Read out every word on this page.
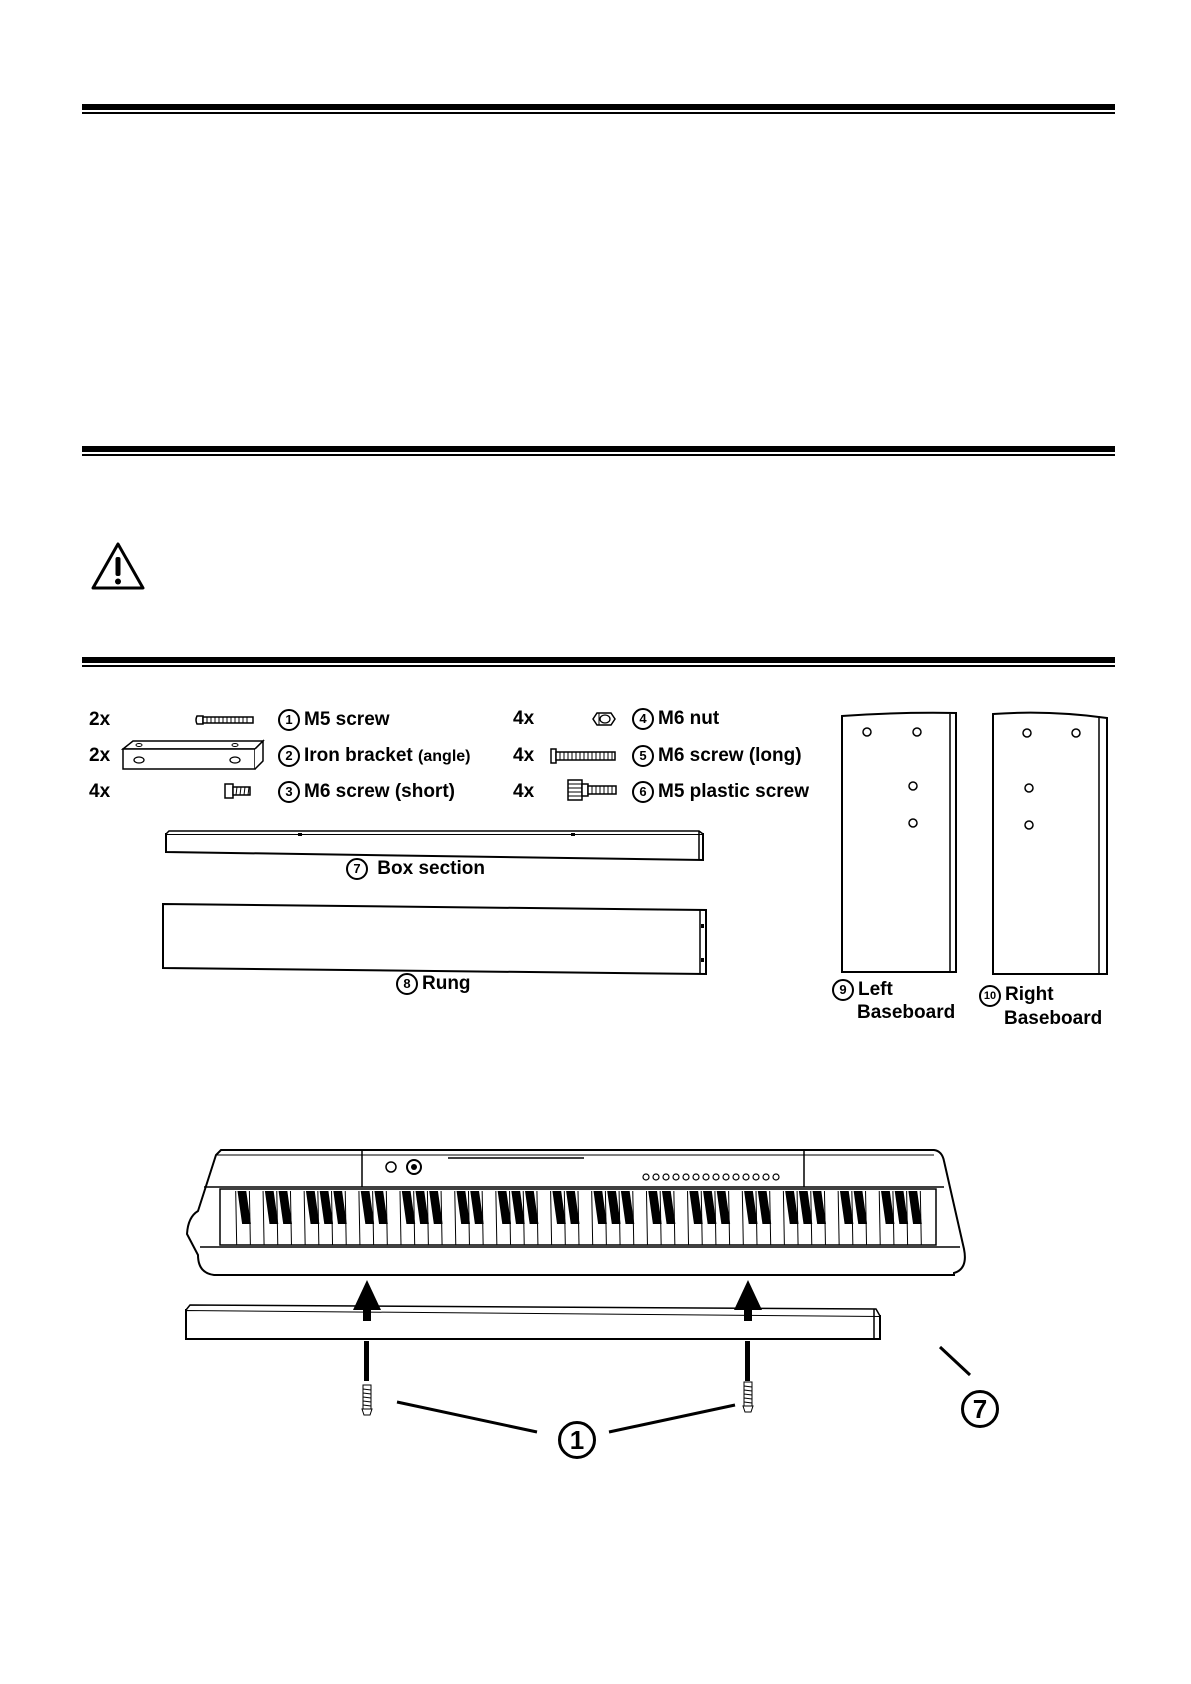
2x
2x
4x
1 M5 screw
2 Iron bracket (angle)
3 M6 screw (short)
4x
4x
4x
4 M6 nut
5 M6 screw (long)
6 M5 plastic screw
7 Box section
8 Rung	9 Left
Baseboard
10 Right
Baseboard
1
7
